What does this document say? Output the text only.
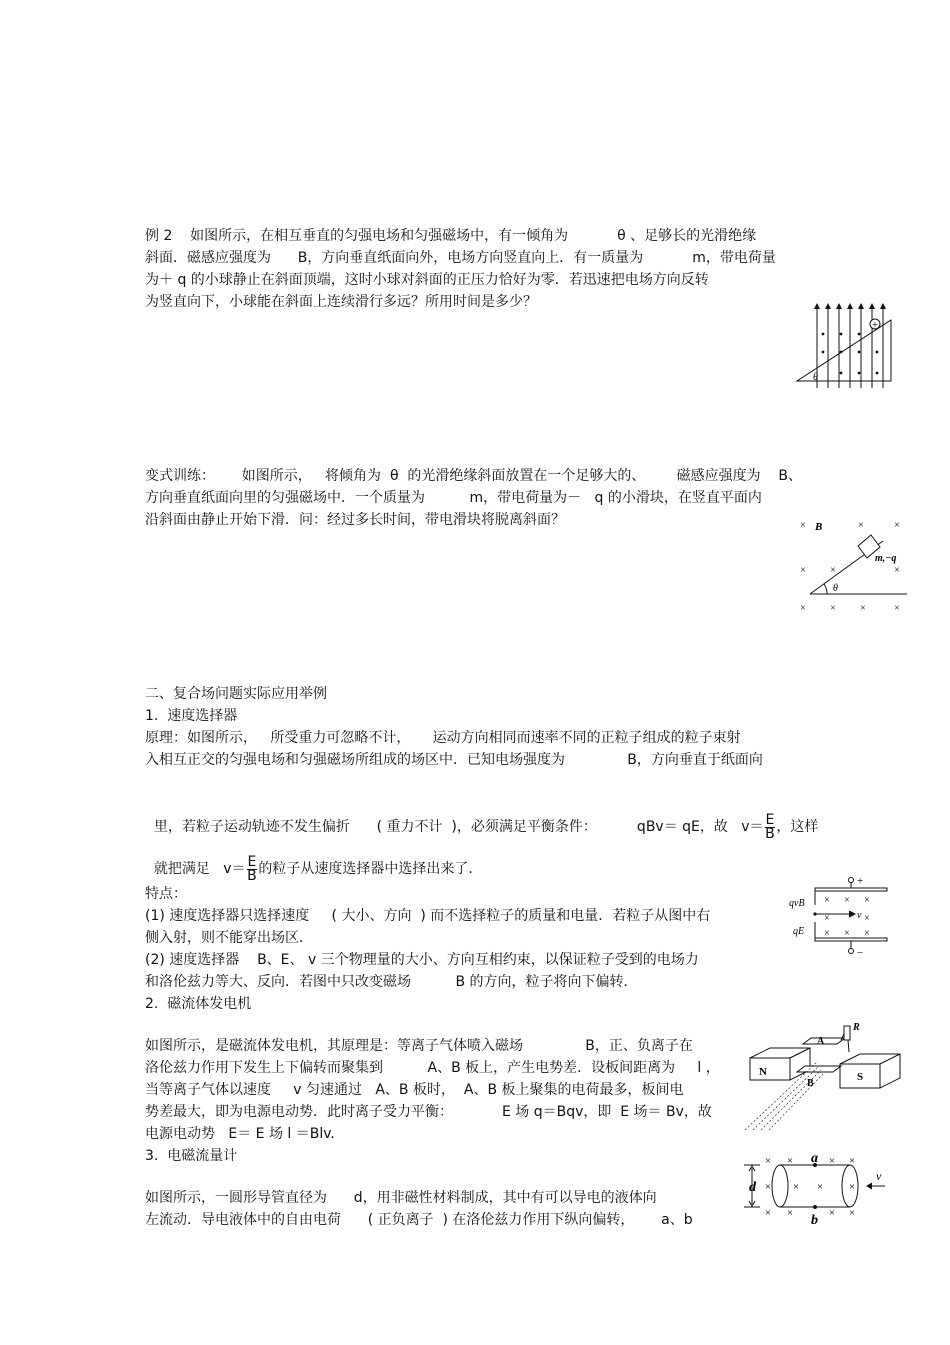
例 2    如图所示，在相互垂直的匀强电场和匀强磁场中，有一倾角为           θ 、足够长的光滑绝缘
斜面．磁感应强度为      B，方向垂直纸面向外，电场方向竖直向上．有一质量为           m，带电荷量
为＋ q 的小球静止在斜面顶端，这时小球对斜面的正压力恰好为零．若迅速把电场方向反转
为竖直向下，小球能在斜面上连续滑行多远？所用时间是多少？
+
θ
变式训练：      如图所示，   将倾角为  θ  的光滑绝缘斜面放置在一个足够大的、       磁感应强度为    B、
方向垂直纸面向里的匀强磁场中．一个质量为          m，带电荷量为－   q 的小滑块，在竖直平面内
沿斜面由静止开始下滑．问：经过多长时间，带电滑块将脱离斜面？	×	×	×
× ×	×
× × ×	×
B
m,−q
θ
二、复合场问题实际应用举例
1.  速度选择器
原理：如图所示，   所受重力可忽略不计，     运动方向相同而速率不同的正粒子组成的粒子束射
入相互正交的匀强电场和匀强磁场所组成的场区中．已知电场强度为              B，方向垂直于纸面向

里，若粒子运动轨迹不发生偏折      ( 重力不计  )，必须满足平衡条件：         qBv＝ qE，故   $v= \frac{E}{B}$ ，这样

就把满足   $v= \frac{E}{B}$ 的粒子从速度选择器中选择出来了．

特点：
(1) 速度选择器只选择速度     ( 大小、方向  ) 而不选择粒子的质量和电量．若粒子从图中右
侧入射，则不能穿出场区．
(2) 速度选择器    B、E、 v 三个物理量的大小、方向互相约束，以保证粒子受到的电场力
和洛伦兹力等大、反向．若图中只改变磁场          B 的方向，粒子将向下偏转．
× × ×
×	×
× × ×
qvB
qE
v
+
−
2.  磁流体发电机
如图所示，是磁流体发电机，其原理是：等离子气体喷入磁场              B，正、负离子在
洛伦兹力作用下发生上下偏转而聚集到          A、B 板上，产生电势差．设板间距离为     l ，
当等离子气体以速度     v 匀速通过   A、B 板时，  A、B 板上聚集的电荷最多，板间电
势差最大，即为电源电动势．此时离子受力平衡：           E 场 q＝Bqv，即  E 场＝ Bv，故
电源电动势   E＝ E 场 l ＝Blv.
N	S
A
B
R
3.  电磁流量计
如图所示，一圆形导管直径为      d，用非磁性材料制成，其中有可以导电的液体向
左流动．导电液体中的自由电荷      ( 正负离子  ) 在洛伦兹力作用下纵向偏转，      a、b
× ×	× ×
× × × ×
× ×	× ×
a
b
d
v
